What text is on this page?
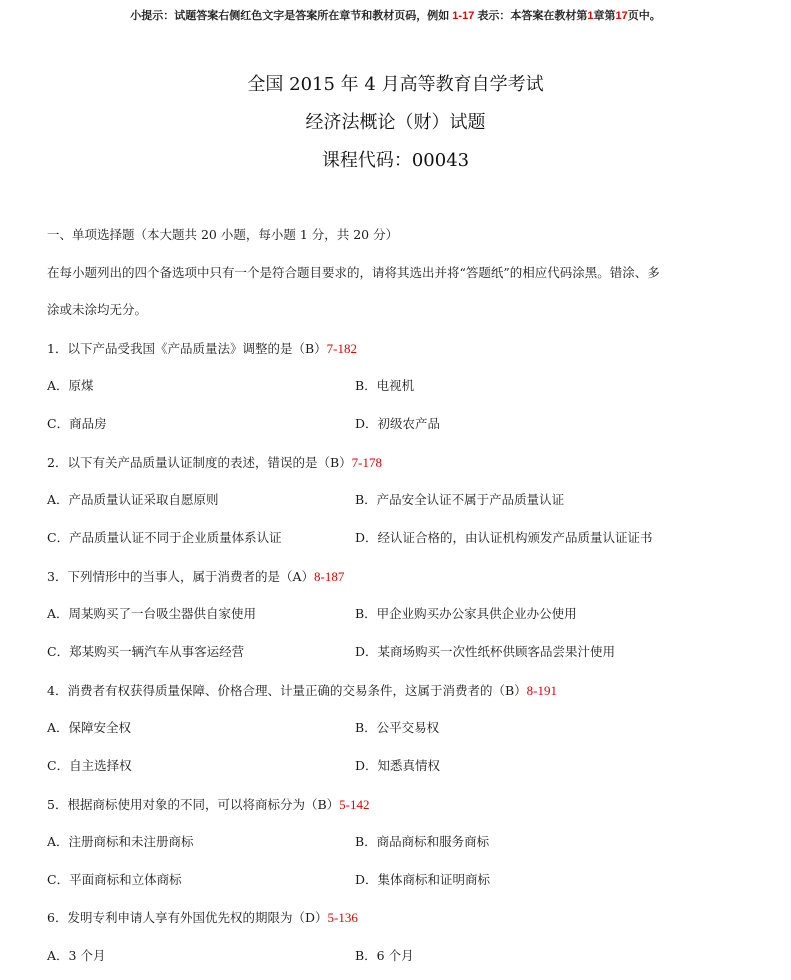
小提示：试题答案右侧红色文字是答案所在章节和教材页码，例如 1-17 表示：本答案在教材第1章第17页中。
全国 2015 年 4 月高等教育自学考试
经济法概论（财）试题
课程代码：00043
一、单项选择题（本大题共 20 小题，每小题 1 分，共 20 分）
在每小题列出的四个备选项中只有一个是符合题目要求的，请将其选出并将“答题纸”的相应代码涂黑。错涂、多
涂或未涂均无分。
1．以下产品受我国《产品质量法》调整的是（B）7-182
A．原煤	B．电视机
C．商品房	D．初级农产品
2．以下有关产品质量认证制度的表述，错误的是（B）7-178
A．产品质量认证采取自愿原则	B．产品安全认证不属于产品质量认证
C．产品质量认证不同于企业质量体系认证	D．经认证合格的，由认证机构颁发产品质量认证证书
3．下列情形中的当事人，属于消费者的是（A）8-187
A．周某购买了一台吸尘器供自家使用	B．甲企业购买办公家具供企业办公使用
C．郑某购买一辆汽车从事客运经营	D．某商场购买一次性纸杯供顾客品尝果汁使用
4．消费者有权获得质量保障、价格合理、计量正确的交易条件，这属于消费者的（B）8-191
A．保障安全权	B．公平交易权
C．自主选择权	D．知悉真情权
5．根据商标使用对象的不同，可以将商标分为（B）5-142
A．注册商标和未注册商标	B．商品商标和服务商标
C．平面商标和立体商标	D．集体商标和证明商标
6．发明专利申请人享有外国优先权的期限为（D）5-136
A．3 个月	B．6 个月
